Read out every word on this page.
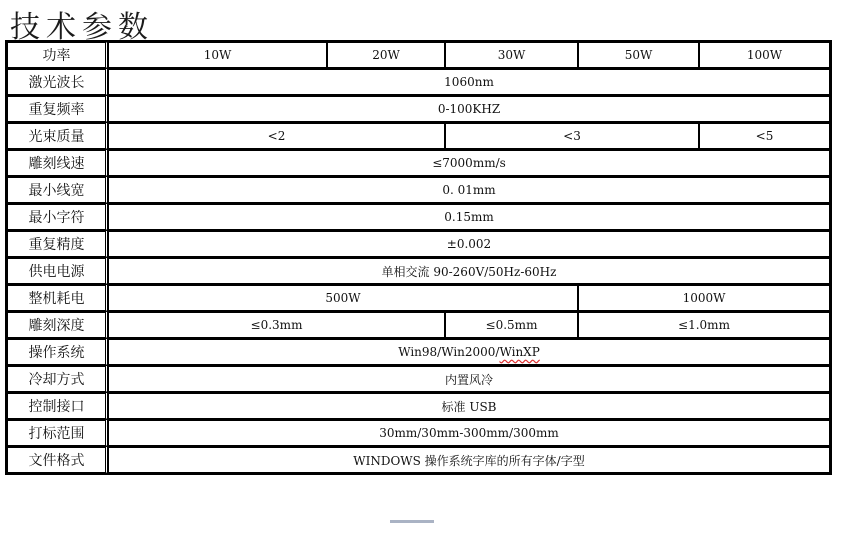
技术参数
功率	10W	20W	30W	50W	100W
激光波长	1060nm				
重复频率	0-100KHZ				
光束质量	<2		<3		<5
雕刻线速	≤7000mm/s				
最小线宽	0. 01mm				
最小字符	0.15mm				
重复精度	±0.002				
供电电源	单相交流 90-260V/50Hz-60Hz				
整机耗电	500W			1000W	
雕刻深度	≤0.3mm		≤0.5mm	≤1.0mm	
操作系统	Win98/Win2000/WinXP				
冷却方式	内置风冷				
控制接口	标准 USB				
打标范围	30mm/30mm-300mm/300mm				
文件格式	WINDOWS 操作系统字库的所有字体/字型				
